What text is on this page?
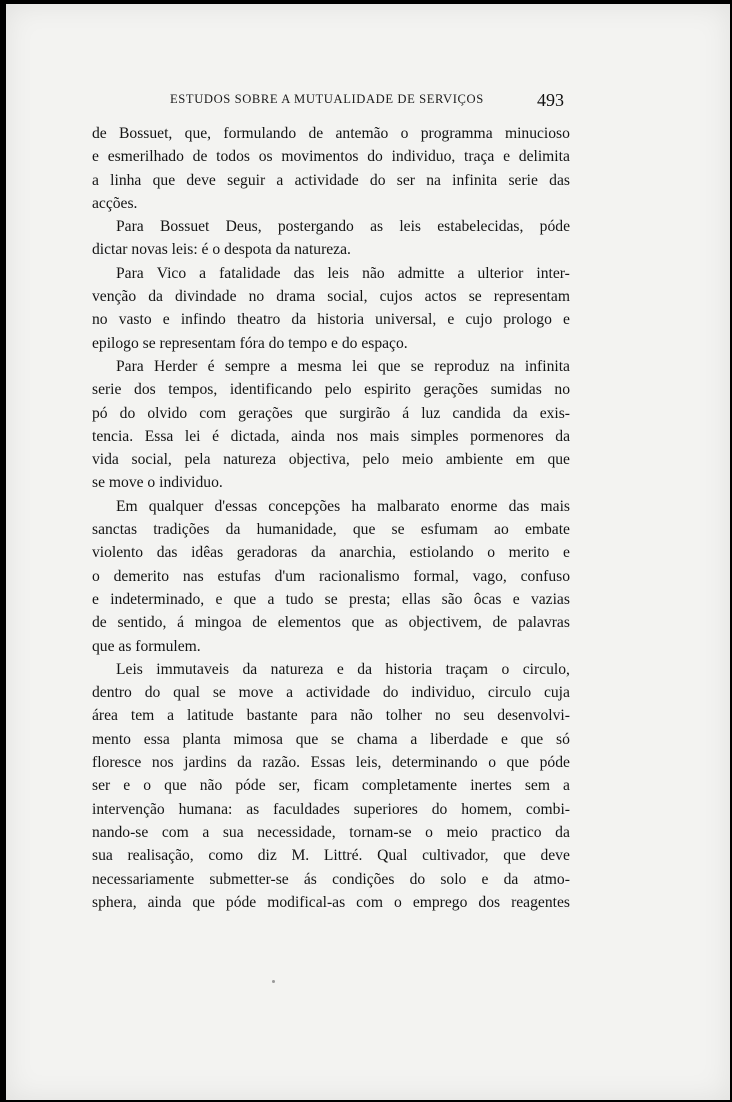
ESTUDOS SOBRE A MUTUALIDADE DE SERVIÇOS	493
de Bossuet, que, formulando de antemão o programma minucioso
e esmerilhado de todos os movimentos do individuo, traça e delimita
a linha que deve seguir a actividade do ser na infinita serie das
acções.
Para Bossuet Deus, postergando as leis estabelecidas, póde
dictar novas leis: é o despota da natureza.
Para Vico a fatalidade das leis não admitte a ulterior inter-
venção da divindade no drama social, cujos actos se representam
no vasto e infindo theatro da historia universal, e cujo prologo e
epilogo se representam fóra do tempo e do espaço.
Para Herder é sempre a mesma lei que se reproduz na infinita
serie dos tempos, identificando pelo espirito gerações sumidas no
pó do olvido com gerações que surgirão á luz candida da exis-
tencia. Essa lei é dictada, ainda nos mais simples pormenores da
vida social, pela natureza objectiva, pelo meio ambiente em que
se move o individuo.
Em qualquer d'essas concepções ha malbarato enorme das mais
sanctas tradições da humanidade, que se esfumam ao embate
violento das idêas geradoras da anarchia, estiolando o merito e
o demerito nas estufas d'um racionalismo formal, vago, confuso
e indeterminado, e que a tudo se presta; ellas são ôcas e vazias
de sentido, á mingoa de elementos que as objectivem, de palavras
que as formulem.
Leis immutaveis da natureza e da historia traçam o circulo,
dentro do qual se move a actividade do individuo, circulo cuja
área tem a latitude bastante para não tolher no seu desenvolvi-
mento essa planta mimosa que se chama a liberdade e que só
floresce nos jardins da razão. Essas leis, determinando o que póde
ser e o que não póde ser, ficam completamente inertes sem a
intervenção humana: as faculdades superiores do homem, combi-
nando-se com a sua necessidade, tornam-se o meio practico da
sua realisação, como diz M. Littré. Qual cultivador, que deve
necessariamente submetter-se ás condições do solo e da atmo-
sphera, ainda que póde modifical-as com o emprego dos reagentes
